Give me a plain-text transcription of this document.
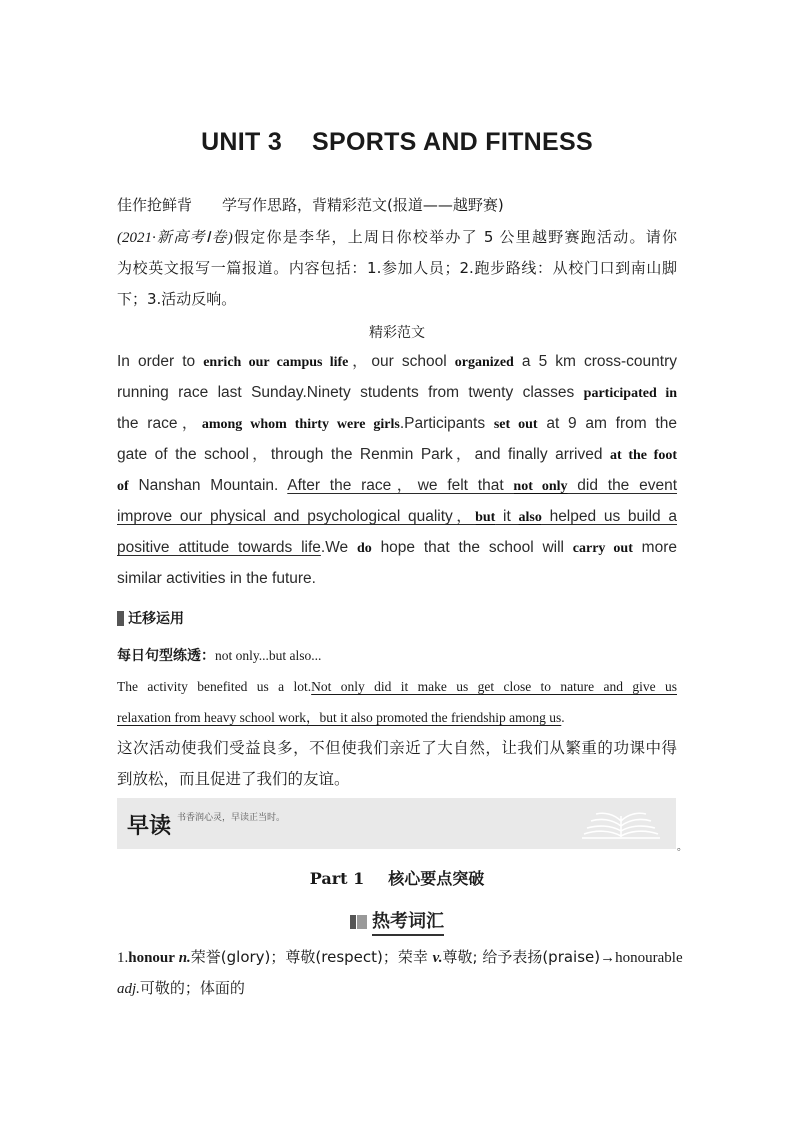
UNIT 3 SPORTS AND FITNESS
佳作抢鲜背 学写作思路，背精彩范文(报道——越野赛)
(2021·新高考Ⅰ卷)假定你是李华，上周日你校举办了 5 公里越野赛跑活动。请你
为校英文报写一篇报道。内容包括：1.参加人员；2.跑步路线：从校门口到南山脚
下；3.活动反响。
精彩范文
In order to enrich our campus life，our school organized a 5 km cross-country
running race last Sunday.Ninety students from twenty classes participated in
the race，among whom thirty were girls.Participants set out at 9 am from the
gate of the school，through the Renmin Park，and finally arrived at the foot
of Nanshan Mountain. After the race，we felt that not only did the event
improve our physical and psychological quality，but it also helped us build a
positive attitude towards life.We do hope that the school will carry out more
similar activities in the future.
迁移运用
每日句型练透：not only...but also...
The activity benefited us a lot.Not only did it make us get close to nature and give us
relaxation from heavy school work，but it also promoted the friendship among us.
这次活动使我们受益良多，不但使我们亲近了大自然，让我们从繁重的功课中得
到放松，而且促进了我们的友谊。
早读 书香润心灵，早读正当时。
。
Part 1 核心要点突破
热考词汇
1.honour n.荣誉(glory)；尊敬(respect)；荣幸 v.尊敬; 给予表扬(praise)→honourable
adj.可敬的；体面的
